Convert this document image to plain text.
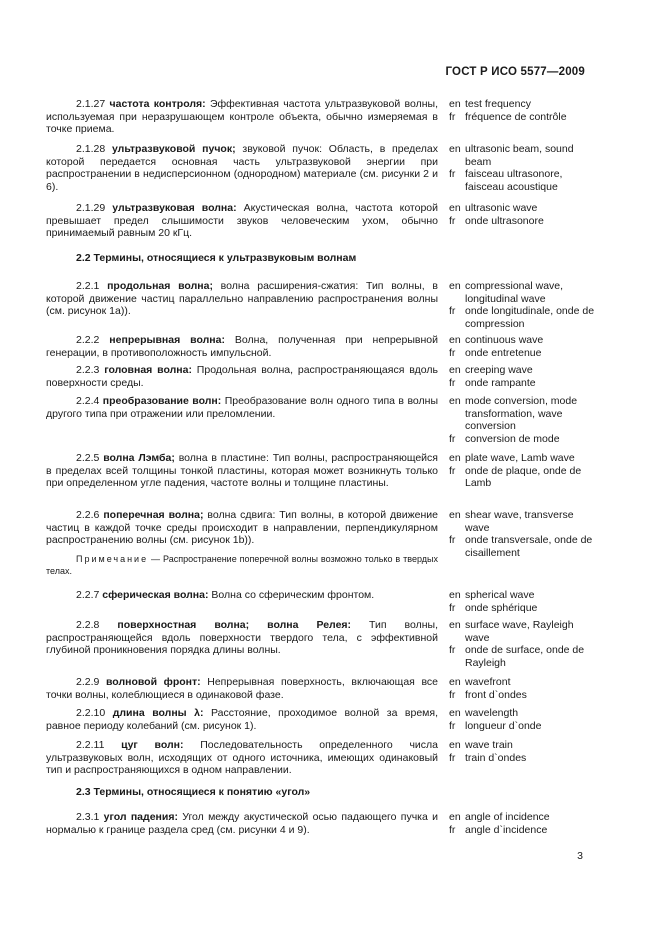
ГОСТ Р ИСО 5577—2009
2.1.27 частота контроля: Эффективная частота ультразвуковой волны, используемая при неразрушающем контроле объекта, обычно измеряемая в точке приема.
en test frequency
fr fréquence de contrôle
2.1.28 ультразвуковой пучок; звуковой пучок: Область, в пределах которой передается основная часть ультразвуковой энергии при распространении в недисперсионном (однородном) материале (см. рисунки 2 и 6).
en ultrasonic beam, sound beam
fr faisceau ultrasonore, faisceau acoustique
2.1.29 ультразвуковая волна: Акустическая волна, частота которой превышает предел слышимости звуков человеческим ухом, обычно принимаемый равным 20 кГц.
en ultrasonic wave
fr onde ultrasonore
2.2 Термины, относящиеся к ультразвуковым волнам
2.2.1 продольная волна; волна расширения-сжатия: Тип волны, в которой движение частиц параллельно направлению распространения волны (см. рисунок 1a)).
en compressional wave, longitudinal wave
fr onde longitudinale, onde de compression
2.2.2 непрерывная волна: Волна, полученная при непрерывной генерации, в противоположность импульсной.
en continuous wave
fr onde entretenue
2.2.3 головная волна: Продольная волна, распространяющаяся вдоль поверхности среды.
en creeping wave
fr onde rampante
2.2.4 преобразование волн: Преобразование волн одного типа в волны другого типа при отражении или преломлении.
en mode conversion, mode transformation, wave conversion
fr conversion de mode
2.2.5 волна Лэмба; волна в пластине: Тип волны, распространяющейся в пределах всей толщины тонкой пластины, которая может возникнуть только при определенном угле падения, частоте волны и толщине пластины.
en plate wave, Lamb wave
fr onde de plaque, onde de Lamb
2.2.6 поперечная волна; волна сдвига: Тип волны, в которой движение частиц в каждой точке среды происходит в направлении, перпендикулярном распространению волны (см. рисунок 1b)).
en shear wave, transverse wave
fr onde transversale, onde de cisaillement
Примечание — Распространение поперечной волны возможно только в твердых телах.
2.2.7 сферическая волна: Волна со сферическим фронтом.	en spherical wave
fr onde sphérique
2.2.8 поверхностная волна; волна Релея: Тип волны, распространяющейся вдоль поверхности твердого тела, с эффективной глубиной проникновения порядка длины волны.
en surface wave, Rayleigh wave
fr onde de surface, onde de Rayleigh
2.2.9 волновой фронт: Непрерывная поверхность, включающая все точки волны, колеблющиеся в одинаковой фазе.
en wavefront
fr front d`ondes
2.2.10 длина волны λ: Расстояние, проходимое волной за время, равное периоду колебаний (см. рисунок 1).
en wavelength
fr longueur d`onde
2.2.11 цуг волн: Последовательность определенного числа ультразвуковых волн, исходящих от одного источника, имеющих одинаковый тип и распространяющихся в одном направлении.
en wave train
fr train d`ondes
2.3 Термины, относящиеся к понятию «угол»
2.3.1 угол падения: Угол между акустической осью падающего пучка и нормалью к границе раздела сред (см. рисунки 4 и 9).
en angle of incidence
fr angle d`incidence
3
